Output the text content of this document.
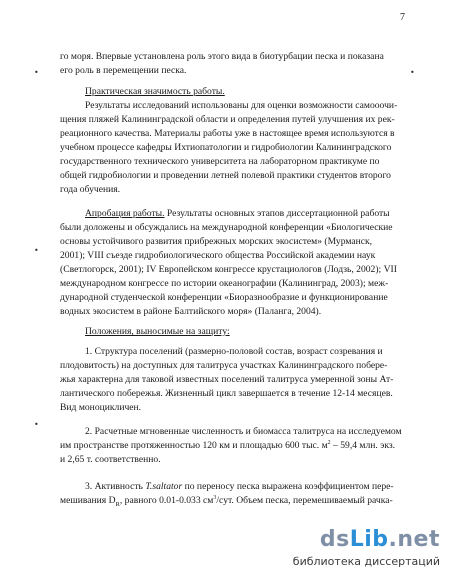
7
•	•
•
•
го моря. Впервые установлена роль этого вида в биотурбации песка и показана
его роль в перемещении песка.
Практическая значимость работы.
Результаты исследований использованы для оценки возможности самооочи-
щения пляжей Калининградской области и определения путей улучшения их рек-
реационного качества. Материалы работы уже в настоящее время используются в
учебном процессе кафедры Ихтиопатологии и гидробиологии Калининградского
государственного технического университета на лабораторном практикуме по
общей гидробиологии и проведении летней полевой практики студентов второго
года обучения.
Апробация работы. Результаты основных этапов диссертационной работы
были доложены и обсуждались на международной конференции «Биологические
основы устойчивого развития прибрежных морских экосистем» (Мурманск,
2001); VIII съезде гидробиологического общества Российской академии наук
(Светлогорск, 2001); IV Европейском конгрессе крустациологов (Лодзь, 2002); VII
международном конгрессе по истории океанографии (Калининград, 2003); меж-
дународной студенческой конференции «Биоразнообразие и функционирование
водных экосистем в районе Балтийского моря» (Паланга, 2004).
Положения, выносимые на защиту:
1. Структура поселений (размерно-половой состав, возраст созревания и
плодовитость) на доступных для талитруса участках Калининградского побере-
жья характерна для таковой известных поселений талитруса умеренной зоны Ат-
лантического побережья. Жизненный цикл завершается в течение 12-14 месяцев.
Вид моноцикличен.
2. Расчетные мгновенные численность и биомасса талитруса на исследуемом
им пространстве протяженностью 120 км и площадью 600 тыс. $м^2 - 59,4$ млн. экз.
и 2,65 т. соответственно.
3. Активность T.saltator по переносу песка выражена коэффициентом пере-
мешивания $D_R$, равного 0.01-0.033 $см^3$/сут. Объем песка, перемешиваемый рачка-
dsLib.net
библиотека диссертаций
